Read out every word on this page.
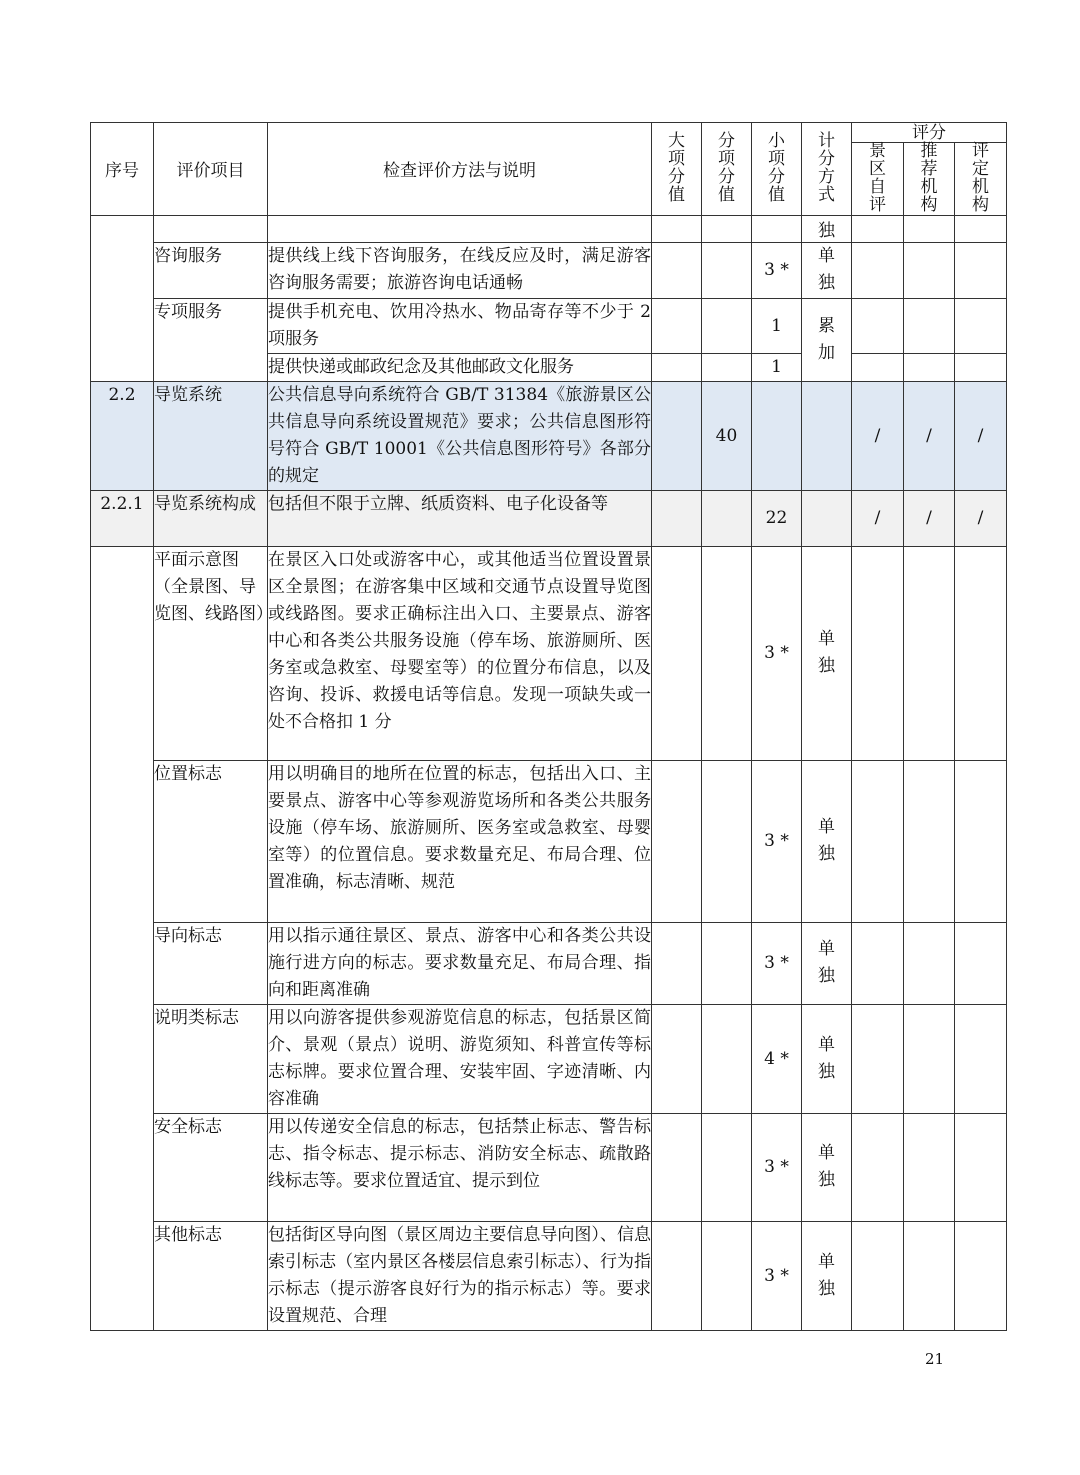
序号	评价项目	检查评价方法与说明	大项分值	分项分值	小项分值	计分方式	评分		
							景区自评	推荐机构	评定机构
						独			
	咨询服务	提供线上线下咨询服务，在线反应及时，满足游客咨询服务需要；旅游咨询电话通畅			3 *	单独			
	专项服务	提供手机充电、饮用冷热水、物品寄存等不少于 2 项服务			1	累加			
		提供快递或邮政纪念及其他邮政文化服务			1				
2.2	导览系统	公共信息导向系统符合 GB/T 31384《旅游景区公共信息导向系统设置规范》要求；公共信息图形符号符合 GB/T 10001《公共信息图形符号》各部分的规定		40			/	/	/
2.2.1	导览系统构成	包括但不限于立牌、纸质资料、电子化设备等			22		/	/	/
	平面示意图（全景图、导览图、线路图）	在景区入口处或游客中心，或其他适当位置设置景区全景图；在游客集中区域和交通节点设置导览图或线路图。要求正确标注出入口、主要景点、游客中心和各类公共服务设施（停车场、旅游厕所、医务室或急救室、母婴室等）的位置分布信息，以及咨询、投诉、救援电话等信息。发现一项缺失或一处不合格扣 1 分			3 *	单独			
	位置标志	用以明确目的地所在位置的标志，包括出入口、主要景点、游客中心等参观游览场所和各类公共服务设施（停车场、旅游厕所、医务室或急救室、母婴室等）的位置信息。要求数量充足、布局合理、位置准确，标志清晰、规范			3 *	单独			
	导向标志	用以指示通往景区、景点、游客中心和各类公共设施行进方向的标志。要求数量充足、布局合理、指向和距离准确			3 *	单独			
	说明类标志	用以向游客提供参观游览信息的标志，包括景区简介、景观（景点）说明、游览须知、科普宣传等标志标牌。要求位置合理、安装牢固、字迹清晰、内容准确			4 *	单独			
	安全标志	用以传递安全信息的标志，包括禁止标志、警告标志、指令标志、提示标志、消防安全标志、疏散路线标志等。要求位置适宜、提示到位			3 *	单独			
	其他标志	包括街区导向图（景区周边主要信息导向图）、信息索引标志（室内景区各楼层信息索引标志）、行为指示标志（提示游客良好行为的指示标志）等。要求设置规范、合理			3 *	单独			
21
